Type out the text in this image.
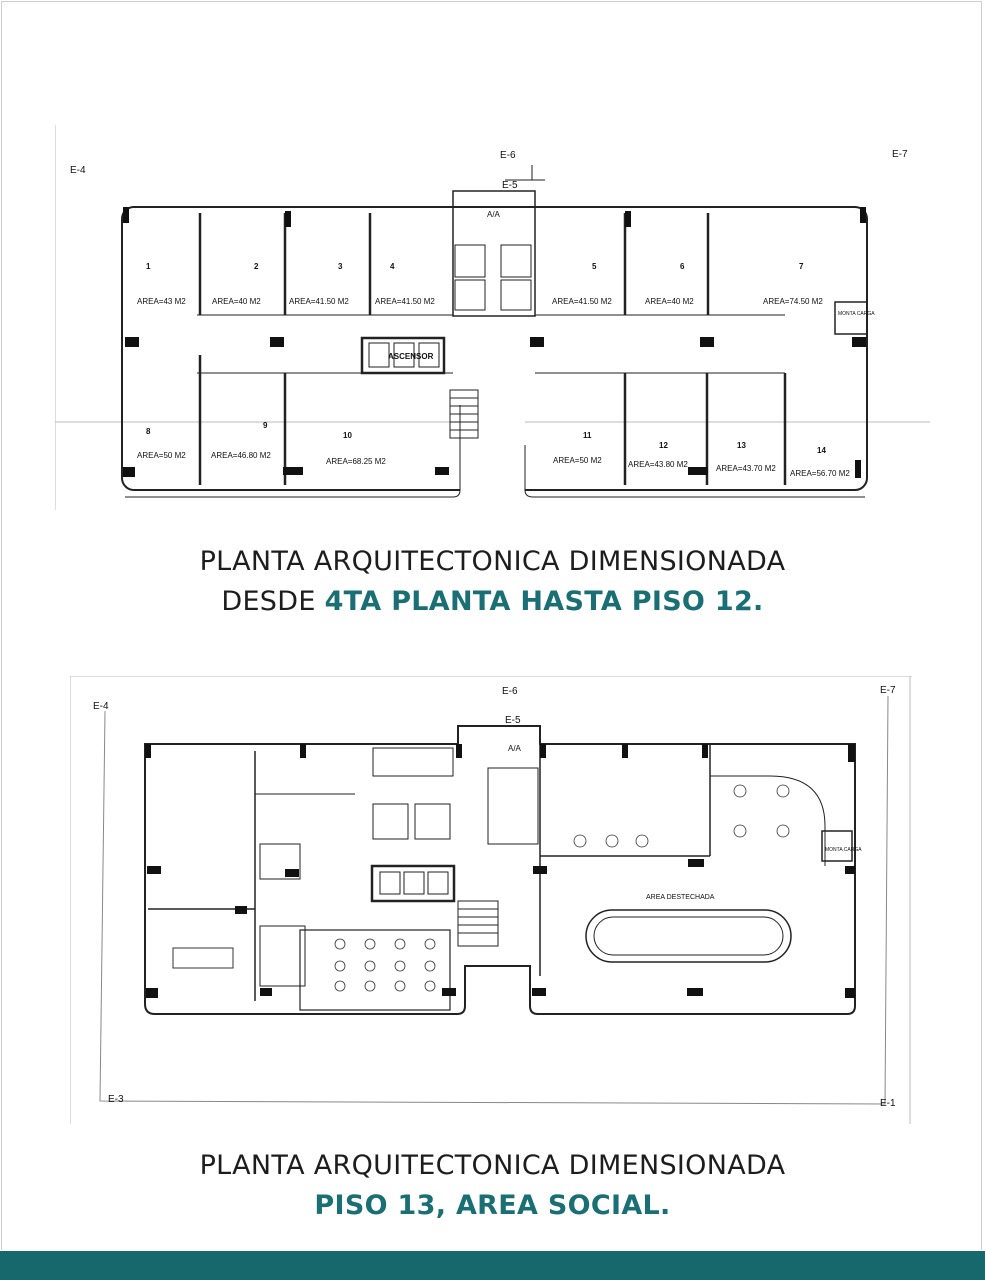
E-4
E-6
E-5
E-7
ASCENSOR
A/A
MONTA CARGA
1
AREA=43 M2
2
AREA=40 M2
3
AREA=41.50 M2
4
AREA=41.50 M2
5
AREA=41.50 M2
6
AREA=40 M2
7
AREA=74.50 M2
8
AREA=50 M2
9
AREA=46.80 M2
10
AREA=68.25 M2
11
AREA=50 M2
12
AREA=43.80 M2
13
AREA=43.70 M2
14
AREA=56.70 M2
PLANTA ARQUITECTONICA DIMENSIONADA
DESDE 4TA PLANTA HASTA PISO 12.
E-4
E-6
E-5
E-7
E-3	E-1
A/A
AREA DESTECHADA
MONTA CARGA
PLANTA ARQUITECTONICA DIMENSIONADA
PISO 13, AREA SOCIAL.
